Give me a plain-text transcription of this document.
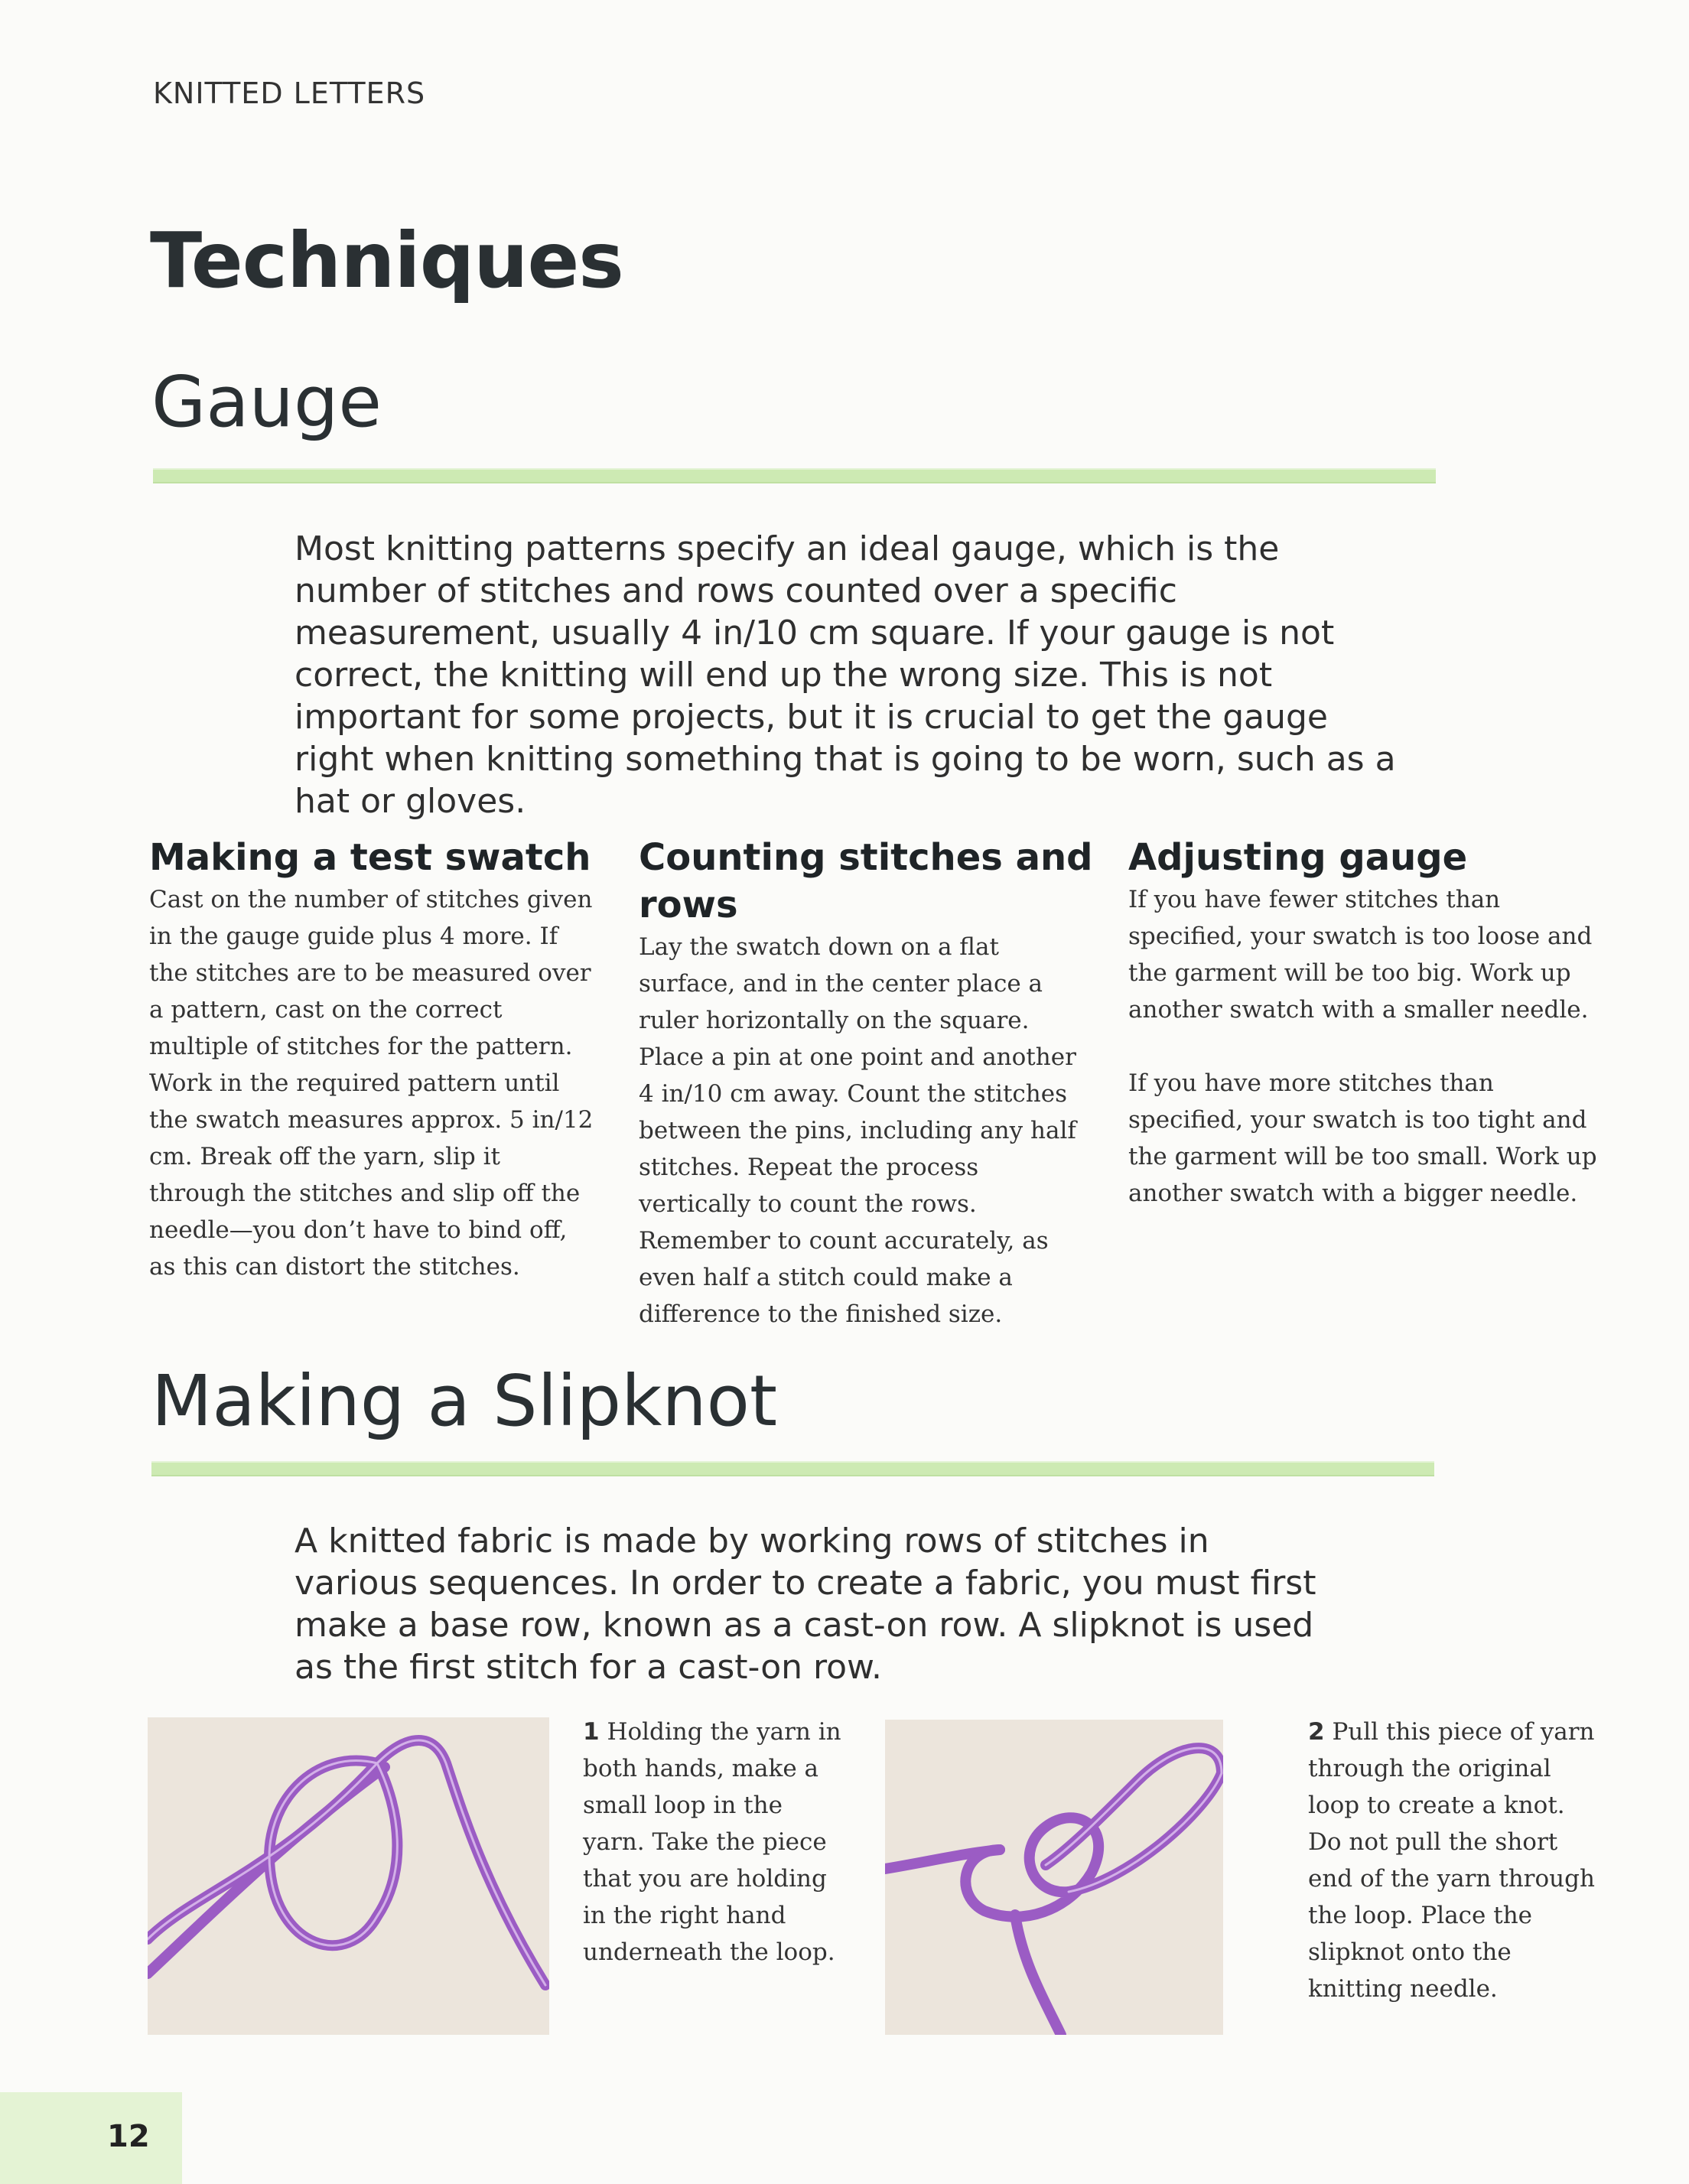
KNITTED LETTERS
Techniques
Gauge
Most knitting patterns specify an ideal gauge, which is the number of stitches and rows counted over a specific measurement, usually 4 in/10 cm square. If your gauge is not correct, the knitting will end up the wrong size. This is not important for some projects, but it is crucial to get the gauge right when knitting something that is going to be worn, such as a hat or gloves.
Making a test swatch
Cast on the number of stitches given in the gauge guide plus 4 more. If the stitches are to be measured over a pattern, cast on the correct multiple of stitches for the pattern. Work in the required pattern until the swatch measures approx. 5 in/12 cm. Break off the yarn, slip it through the stitches and slip off the needle—you don’t have to bind off, as this can distort the stitches.
Counting stitches and rows
Lay the swatch down on a flat surface, and in the center place a ruler horizontally on the square. Place a pin at one point and another 4 in/10 cm away. Count the stitches between the pins, including any half stitches. Repeat the process vertically to count the rows. Remember to count accurately, as even half a stitch could make a difference to the finished size.
Adjusting gauge

If you have fewer stitches than specified, your swatch is too loose and the garment will be too big. Work up another swatch with a smaller needle.

If you have more stitches than specified, your swatch is too tight and the garment will be too small. Work up another swatch with a bigger needle.

Making a Slipknot
A knitted fabric is made by working rows of stitches in various sequences. In order to create a fabric, you must first make a base row, known as a cast-on row. A slipknot is used as the first stitch for a cast-on row.
1 Holding the yarn in both hands, make a small loop in the yarn. Take the piece that you are holding in the right hand underneath the loop.
2 Pull this piece of yarn through the original loop to create a knot. Do not pull the short end of the yarn through the loop. Place the slipknot onto the knitting needle.
12
